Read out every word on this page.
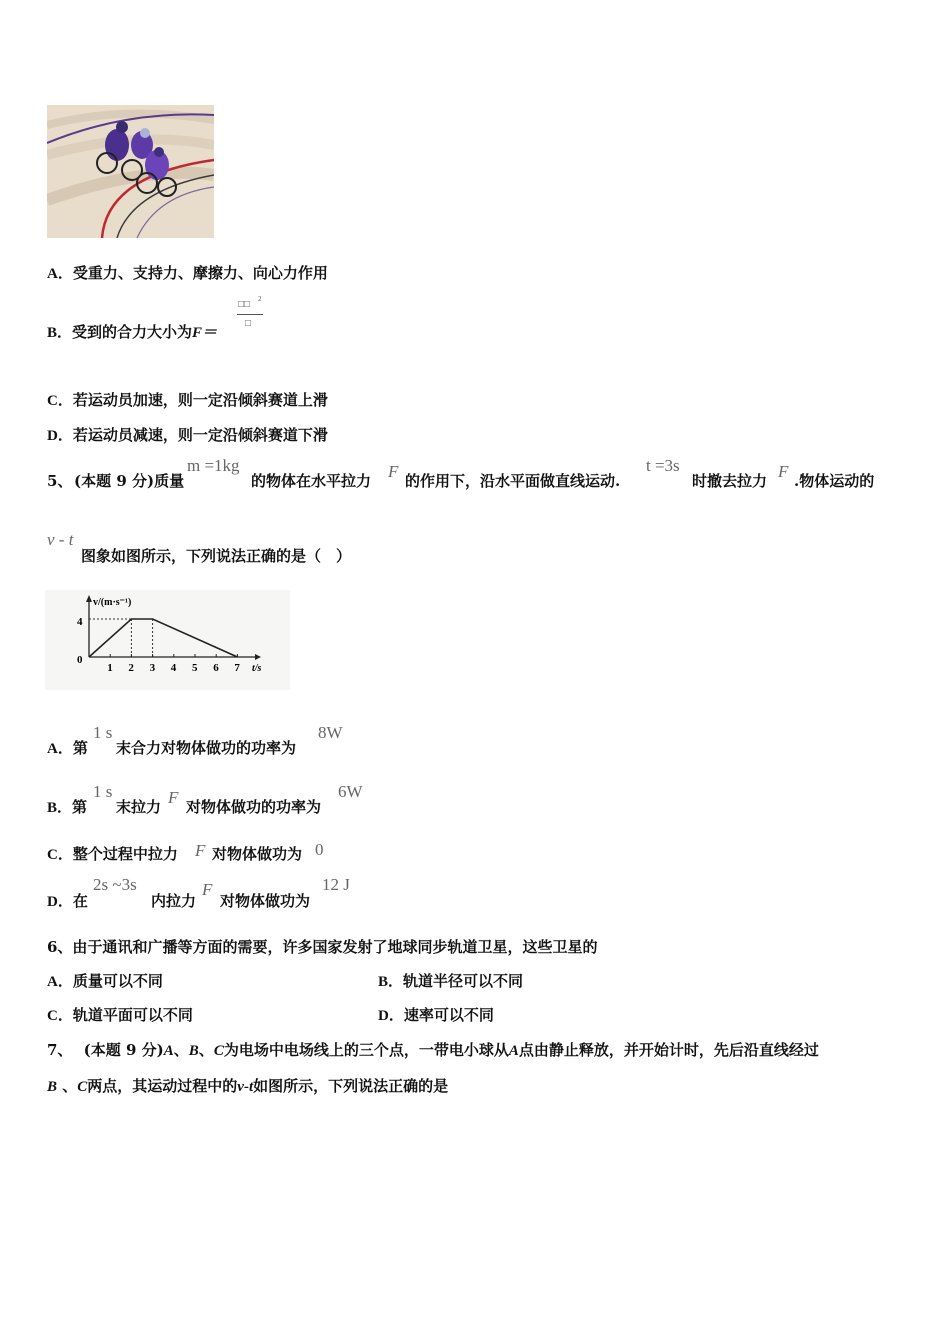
A．受重力、支持力、摩擦力、向心力作用
B．受到的合力大小为F＝
□□ 2
□
C．若运动员加速，则一定沿倾斜赛道上滑
D．若运动员减速，则一定沿倾斜赛道下滑
5、 (本题 9 分)质量
m =1kg
的物体在水平拉力 F 的作用下，沿水平面做直线运动.
t =3s
时撤去拉力 F .物体运动的
v - t
图象如图所示，下列说法正确的是（　）
v/(m·s⁻¹)
t/s
0
4
1 2 3 4 5 6 7
A．第
1 s
末合力对物体做功的功率为
8W
B．第
1 s
末拉力 F 对物体做功的功率为
6W
C．整个过程中拉力 F 对物体做功为 0
D．在
2s ~3s
内拉力
F
对物体做功为
12 J
6、由于通讯和广播等方面的需要，许多国家发射了地球同步轨道卫星，这些卫星的
A．质量可以不同	B．轨道半径可以不同
C．轨道平面可以不同	D．速率可以不同
7、 (本题 9 分)A、B、C为电场中电场线上的三个点，一带电小球从A点由静止释放，并开始计时，先后沿直线经过
B 、C两点，其运动过程中的v-t如图所示，下列说法正确的是
